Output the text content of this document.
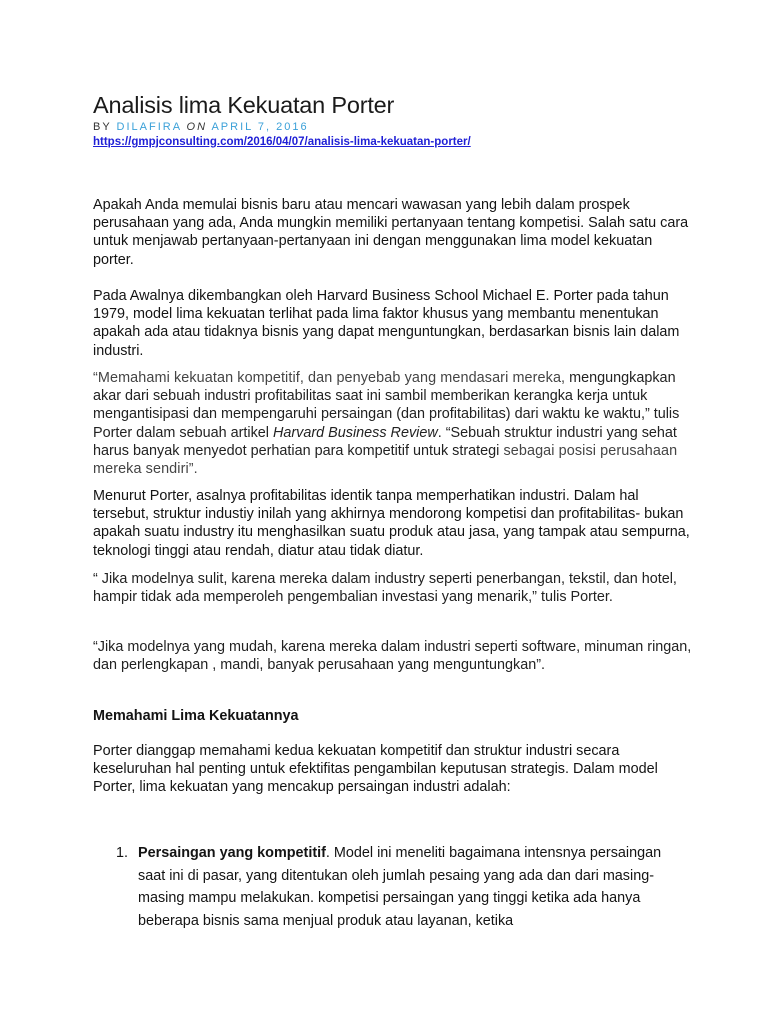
Analisis lima Kekuatan Porter
BY DILAFIRA ON APRIL 7, 2016
https://gmpjconsulting.com/2016/04/07/analisis-lima-kekuatan-porter/

Apakah Anda memulai bisnis baru atau mencari wawasan yang lebih dalam prospek perusahaan yang ada, Anda mungkin memiliki pertanyaan tentang kompetisi. Salah satu cara untuk menjawab pertanyaan-pertanyaan ini dengan menggunakan lima model kekuatan porter.

Pada Awalnya dikembangkan oleh Harvard Business School Michael E. Porter pada tahun 1979, model lima kekuatan terlihat pada lima faktor khusus yang membantu menentukan apakah ada atau tidaknya bisnis yang dapat menguntungkan, berdasarkan bisnis lain dalam industri.

“Memahami kekuatan kompetitif, dan penyebab yang mendasari mereka, mengungkapkan akar dari sebuah industri profitabilitas saat ini sambil memberikan kerangka kerja untuk mengantisipasi dan mempengaruhi persaingan (dan profitabilitas) dari waktu ke waktu,” tulis Porter dalam sebuah artikel Harvard Business Review. “Sebuah struktur industri yang sehat harus banyak menyedot perhatian para kompetitif untuk strategi sebagai posisi perusahaan mereka sendiri”.

Menurut Porter, asalnya profitabilitas identik tanpa memperhatikan industri. Dalam hal tersebut, struktur industiy inilah yang akhirnya mendorong kompetisi dan profitabilitas- bukan apakah suatu industry itu menghasilkan suatu produk atau jasa, yang tampak atau sempurna, teknologi tinggi atau rendah, diatur atau tidak diatur.

“ Jika modelnya sulit, karena mereka dalam industry seperti penerbangan, tekstil, dan hotel, hampir tidak ada memperoleh pengembalian investasi yang menarik,” tulis Porter.

“Jika modelnya yang mudah, karena mereka dalam industri seperti software, minuman ringan, dan perlengkapan , mandi, banyak perusahaan yang menguntungkan”.

Memahami Lima Kekuatannya

Porter dianggap memahami kedua kekuatan kompetitif dan struktur industri secara keseluruhan hal penting untuk efektifitas pengambilan keputusan strategis. Dalam model Porter, lima kekuatan yang mencakup persaingan industri adalah:

1. Persaingan yang kompetitif. Model ini meneliti bagaimana intensnya persaingan saat ini di pasar, yang ditentukan oleh jumlah pesaing yang ada dan dari masing-masing mampu melakukan. kompetisi persaingan yang tinggi ketika ada hanya beberapa bisnis sama menjual produk atau layanan, ketika
